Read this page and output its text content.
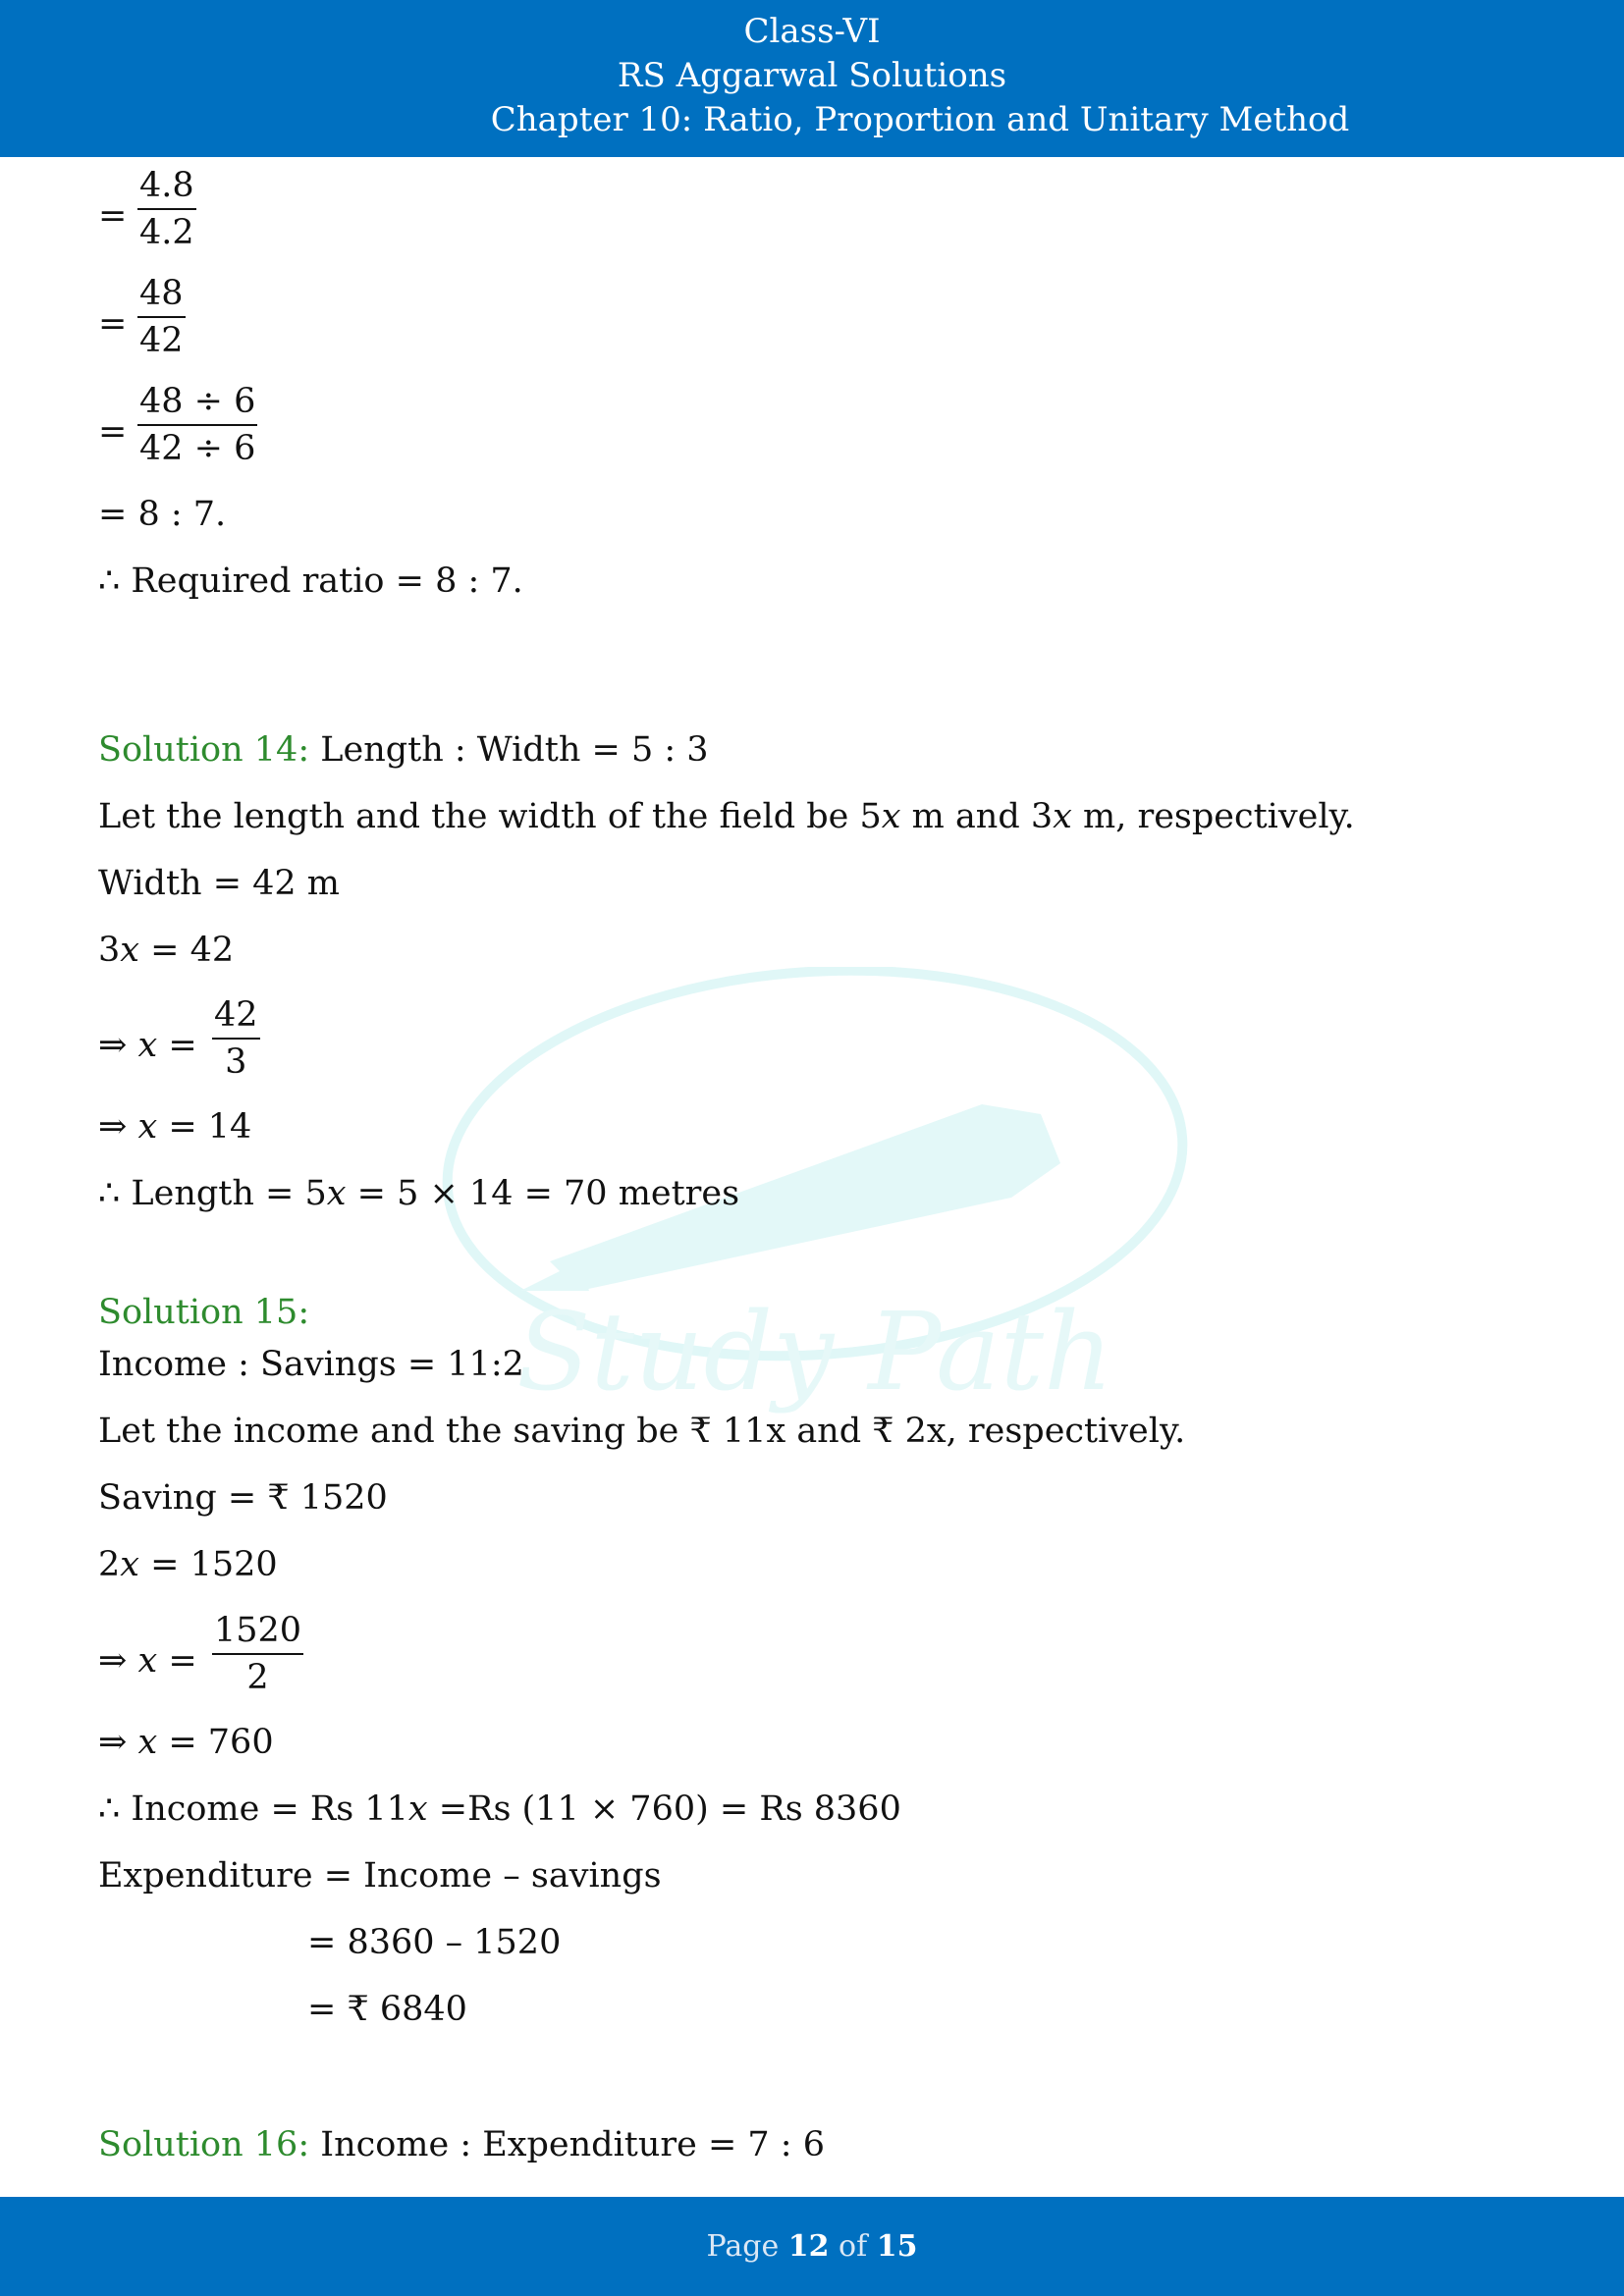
Class-VI
RS Aggarwal Solutions
Chapter 10: Ratio, Proportion and Unitary Method
Study Path
=
4.8
4.2
=
48
42
=
48 ÷ 6
42 ÷ 6
= 8 : 7.
∴ Required ratio = 8 : 7.
Solution 14: Length : Width = 5 : 3
Let the length and the width of the field be 5x m and 3x m, respectively.
Width = 42 m
3x = 42
⇒ x =
42
3
⇒ x = 14
∴ Length = 5x = 5 × 14 = 70 metres
Solution 15:
Income : Savings = 11:2
Let the income and the saving be ₹ 11x and ₹ 2x, respectively.
Saving = ₹ 1520
2x = 1520
⇒ x =
1520
2
⇒ x = 760
∴ Income = Rs 11x =Rs (11 × 760) = Rs 8360
Expenditure = Income – savings
= 8360 – 1520
= ₹ 6840
Solution 16: Income : Expenditure = 7 : 6
Page 12 of 15
